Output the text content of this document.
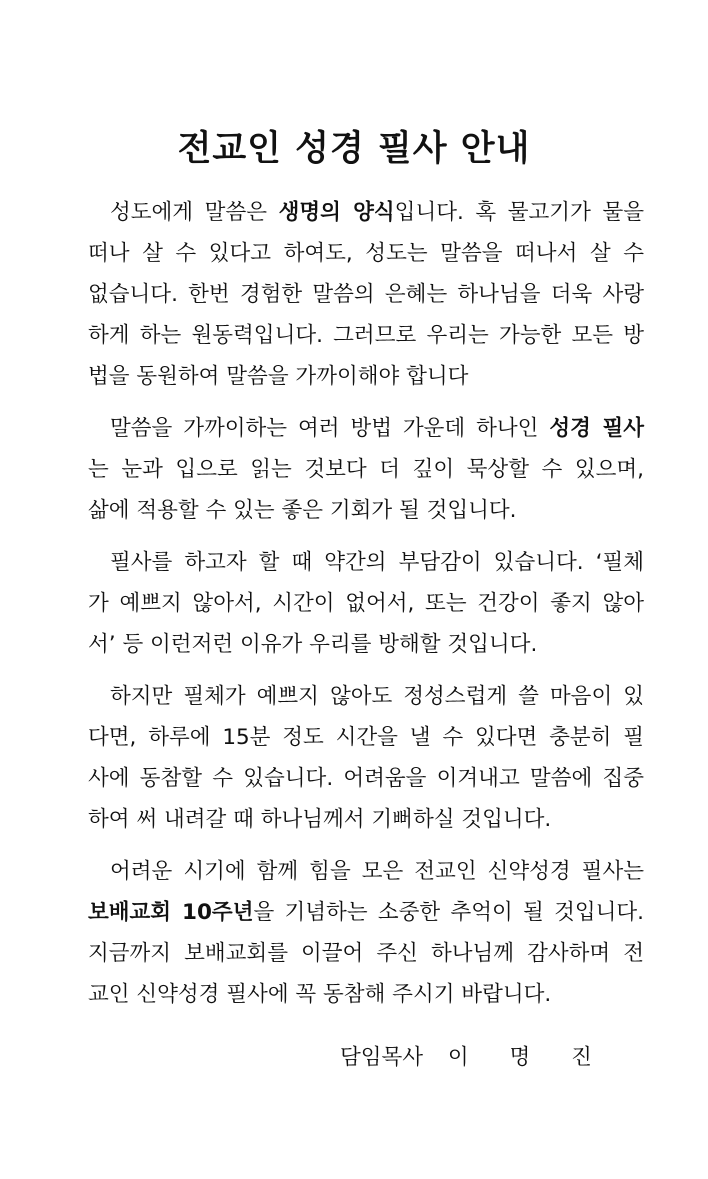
전교인 성경 필사 안내
성도에게 말씀은 생명의 양식입니다. 혹 물고기가 물을
떠나 살 수 있다고 하여도, 성도는 말씀을 떠나서 살 수
없습니다. 한번 경험한 말씀의 은혜는 하나님을 더욱 사랑
하게 하는 원동력입니다. 그러므로 우리는 가능한 모든 방
법을 동원하여 말씀을 가까이해야 합니다
말씀을 가까이하는 여러 방법 가운데 하나인 성경 필사
는 눈과 입으로 읽는 것보다 더 깊이 묵상할 수 있으며,
삶에 적용할 수 있는 좋은 기회가 될 것입니다.
필사를 하고자 할 때 약간의 부담감이 있습니다. ‘필체
가 예쁘지 않아서, 시간이 없어서, 또는 건강이 좋지 않아
서’ 등 이런저런 이유가 우리를 방해할 것입니다.
하지만 필체가 예쁘지 않아도 정성스럽게 쓸 마음이 있
다면, 하루에 15분 정도 시간을 낼 수 있다면 충분히 필
사에 동참할 수 있습니다. 어려움을 이겨내고 말씀에 집중
하여 써 내려갈 때 하나님께서 기뻐하실 것입니다.
어려운 시기에 함께 힘을 모은 전교인 신약성경 필사는
보배교회 10주년을 기념하는 소중한 추억이 될 것입니다.
지금까지 보배교회를 이끌어 주신 하나님께 감사하며 전
교인 신약성경 필사에 꼭 동참해 주시기 바랍니다.
담임목사 이 명 진
